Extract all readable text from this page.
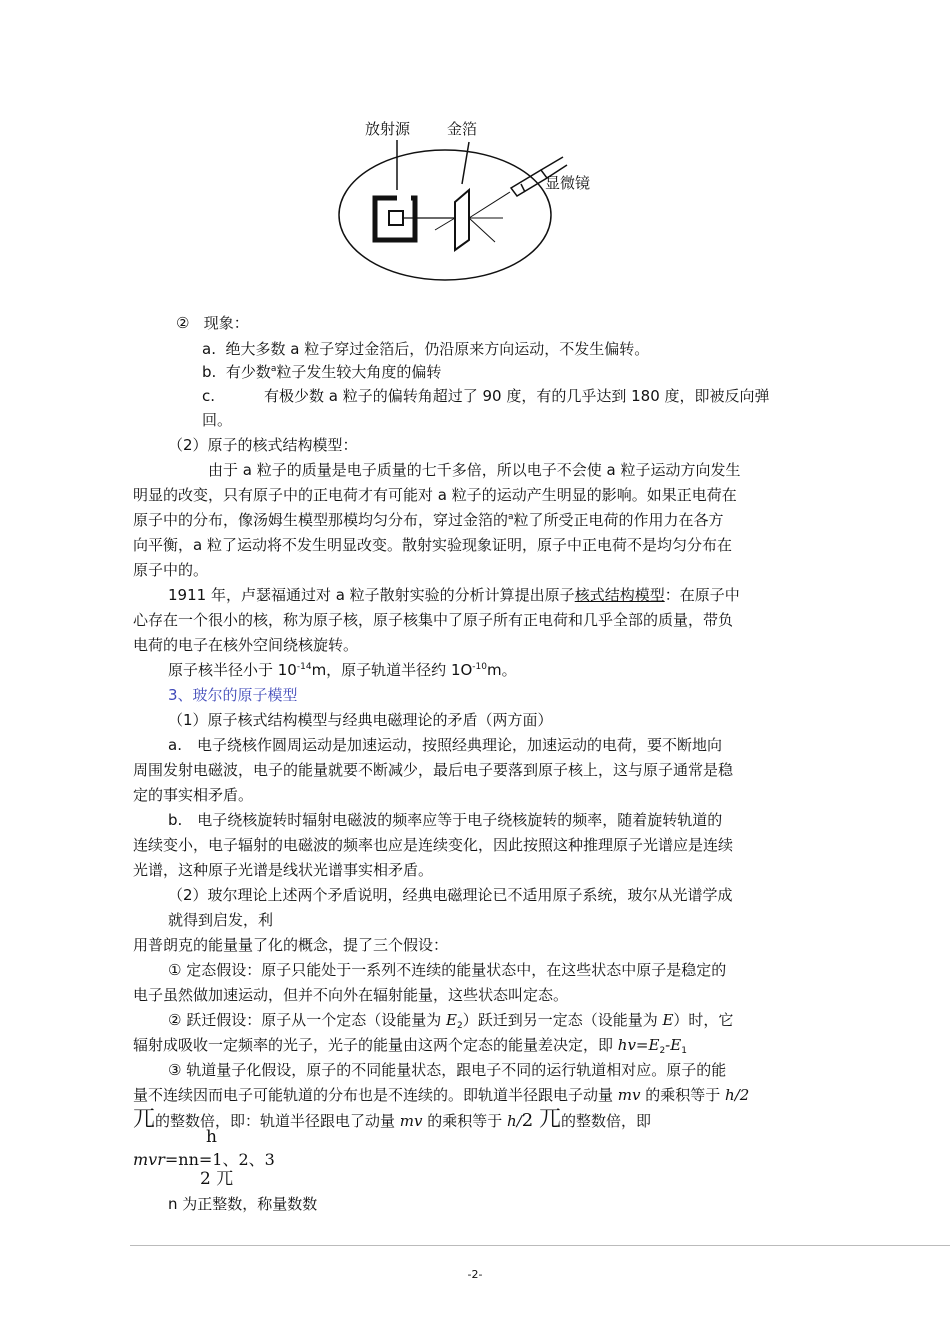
放射源 金箔
显微镜
② 现象：
a. 绝大多数 a 粒子穿过金箔后，仍沿原来方向运动，不发生偏转。
b. 有少数$^a$粒子发生较大角度的偏转
c.	有极少数 a 粒子的偏转角超过了 90 度，有的几乎达到 180 度，即被反向弹
回。
（2）原子的核式结构模型：
由于 a 粒子的质量是电子质量的七千多倍，所以电子不会使 a 粒子运动方向发生
明显的改变，只有原子中的正电荷才有可能对 a 粒子的运动产生明显的影响。如果正电荷在
原子中的分布，像汤姆生模型那模均匀分布，穿过金箔的$^a$粒了所受正电荷的作用力在各方
向平衡，a 粒了运动将不发生明显改变。散射实验现象证明，原子中正电荷不是均匀分布在
原子中的。
1911 年，卢瑟福通过对 a 粒子散射实验的分析计算提出原子核式结构模型：在原子中
心存在一个很小的核，称为原子核，原子核集中了原子所有正电荷和几乎全部的质量，带负
电荷的电子在核外空间绕核旋转。
原子核半径小于 $10^{-14}m$，原子轨道半径约 $1O^{-10}m$。
3、玻尔的原子模型
（1）原子核式结构模型与经典电磁理论的矛盾（两方面）
a.　电子绕核作圆周运动是加速运动，按照经典理论，加速运动的电荷，要不断地向
周围发射电磁波，电子的能量就要不断减少，最后电子要落到原子核上，这与原子通常是稳
定的事实相矛盾。
b.　电子绕核旋转时辐射电磁波的频率应等于电子绕核旋转的频率，随着旋转轨道的
连续变小，电子辐射的电磁波的频率也应是连续变化，因此按照这种推理原子光谱应是连续
光谱，这种原子光谱是线状光谱事实相矛盾。
（2）玻尔理论上述两个矛盾说明，经典电磁理论已不适用原子系统，玻尔从光谱学成
就得到启发，利
用普朗克的能量量了化的概念，提了三个假设：
① 定态假设：原子只能处于一系列不连续的能量状态中，在这些状态中原子是稳定的
电子虽然做加速运动，但并不向外在辐射能量，这些状态叫定态。
② 跃迁假设：原子从一个定态（设能量为 $E_2$）跃迁到另一定态（设能量为 E）时，它
辐射成吸收一定频率的光子，光子的能量由这两个定态的能量差决定，即 $hv=E_2-E_1$
③ 轨道量子化假设，原子的不同能量状态，跟电子不同的运行轨道相对应。原子的能
量不连续因而电子可能轨道的分布也是不连续的。即轨道半径跟电子动量 mv 的乘积等于 h/2
兀的整数倍，即：轨道半径跟电了动量 mv 的乘积等于 h/2 兀的整数倍，即
h
mvr=nn=1、2、3
2 兀
n 为正整数，称量数数
-2-
